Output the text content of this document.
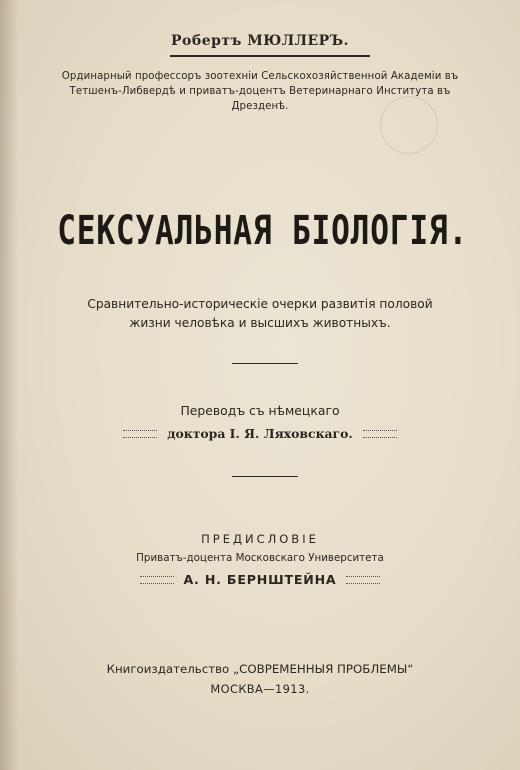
Робертъ МЮЛЛЕРЪ.
Ординарный профессоръ зоотехніи Сельскохозяйственной Академіи въ
Тетшенъ-Либвердѣ и приватъ-доцентъ Ветеринарнаго Института въ
Дрезденѣ.
СЕКСУАЛЬНАЯ БІОЛОГІЯ.
Сравнительно-историческіе очерки развитія половой
жизни человѣка и высшихъ животныхъ.
Переводъ съ нѣмецкаго
доктора І. Я. Ляховскаго.
ПРЕДИСЛОВІЕ
Приватъ-доцента Московскаго Университета
А. Н. БЕРНШТЕЙНА
Книгоиздательство „СОВРЕМЕННЫЯ ПРОБЛЕМЫ“
МОСКВА—1913.
